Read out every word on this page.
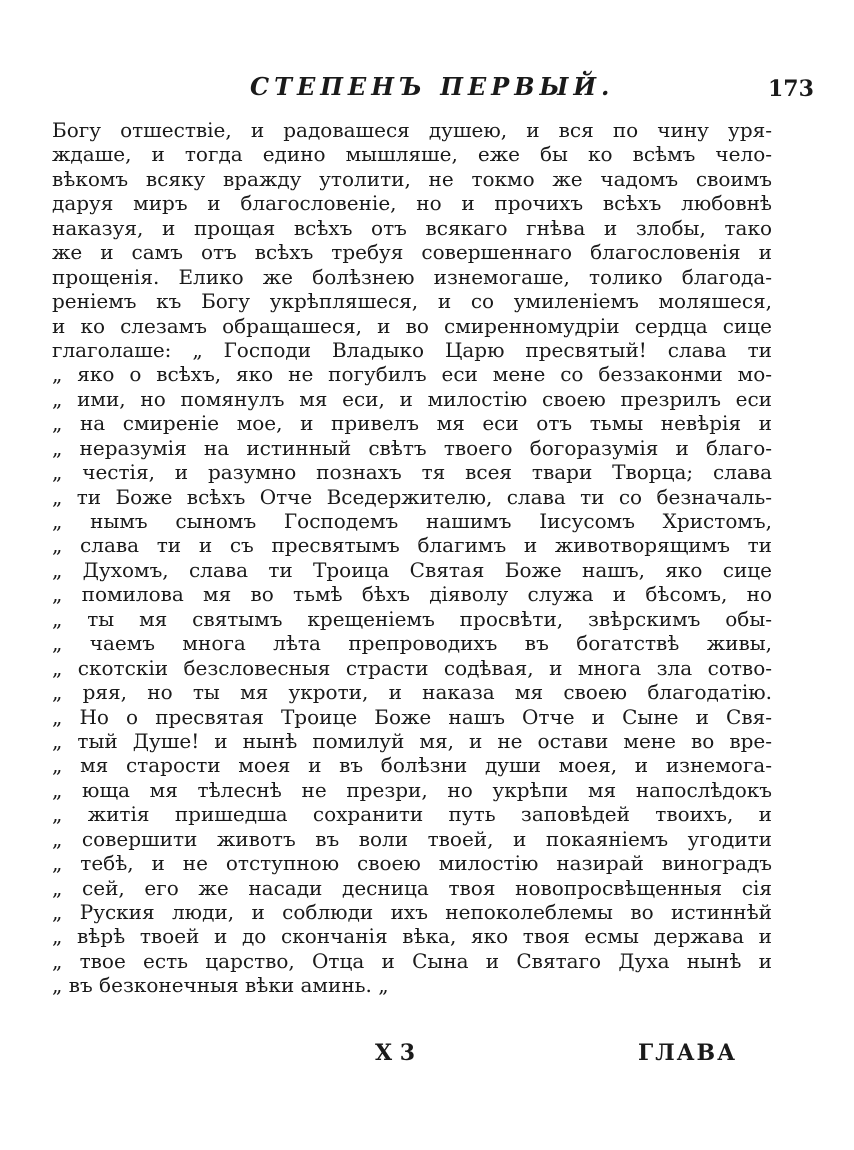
СТЕПЕНЪ ПЕРВЫЙ.	173
Богу отшествіе, и радовашеся душею, и вся по чину уря-
ждаше, и тогда едино мышляше, еже бы ко всѣмъ чело-
вѣкомъ всяку вражду утолити, не токмо же чадомъ своимъ
даруя миръ и благословеніе, но и прочихъ всѣхъ любовнѣ
наказуя, и прощая всѣхъ отъ всякаго гнѣва и злобы, тако
же и самъ отъ всѣхъ требуя совершеннаго благословенія и
прощенія. Елико же болѣзнею изнемогаше, толико благода-
реніемъ къ Богу укрѣпляшеся, и со умиленіемъ моляшеся,
и ко слезамъ обращашеся, и во смиренномудріи сердца сице
глаголаше: „ Господи Владыко Царю пресвятый! слава ти
„ яко о всѣхъ, яко не погубилъ еси мене со беззаконми мо-
„ ими, но помянулъ мя еси, и милостію своею презрилъ еси
„ на смиреніе мое, и привелъ мя еси отъ тьмы невѣрія и
„ неразумія на истинный свѣтъ твоего богоразумія и благо-
„ честія, и разумно познахъ тя всея твари Творца; слава
„ ти Боже всѣхъ Отче Вседержителю, слава ти со безначаль-
„ нымъ сыномъ Господемъ нашимъ Іисусомъ Христомъ,
„ слава ти и съ пресвятымъ благимъ и животворящимъ ти
„ Духомъ, слава ти Троица Святая Боже нашъ, яко сице
„ помилова мя во тьмѣ бѣхъ діяволу служа и бѣсомъ, но
„ ты мя святымъ крещеніемъ просвѣти, звѣрскимъ обы-
„ чаемъ многа лѣта препроводихъ въ богатствѣ живы,
„ скотскіи безсловесныя страсти содѣвая, и многа зла сотво-
„ ряя, но ты мя укроти, и наказа мя своею благодатію.
„ Но о пресвятая Троице Боже нашъ Отче и Сыне и Свя-
„ тый Душе! и нынѣ помилуй мя, и не остави мене во вре-
„ мя старости моея и въ болѣзни души моея, и изнемога-
„ юща мя тѣлеснѣ не презри, но укрѣпи мя напослѣдокъ
„ житія пришедша сохранити путь заповѣдей твоихъ, и
„ совершити животъ въ воли твоей, и покаяніемъ угодити
„ тебѣ, и не отступною своею милостію назирай виноградъ
„ сей, его же насади десница твоя новопросвѣщенныя сія
„ Руския люди, и соблюди ихъ непоколеблемы во истиннѣй
„ вѣрѣ твоей и до скончанія вѣка, яко твоя есмы держава и
„ твое есть царство, Отца и Сына и Святаго Духа нынѣ и
„ въ безконечныя вѣки аминь. „
Х 3	ГЛАВА
